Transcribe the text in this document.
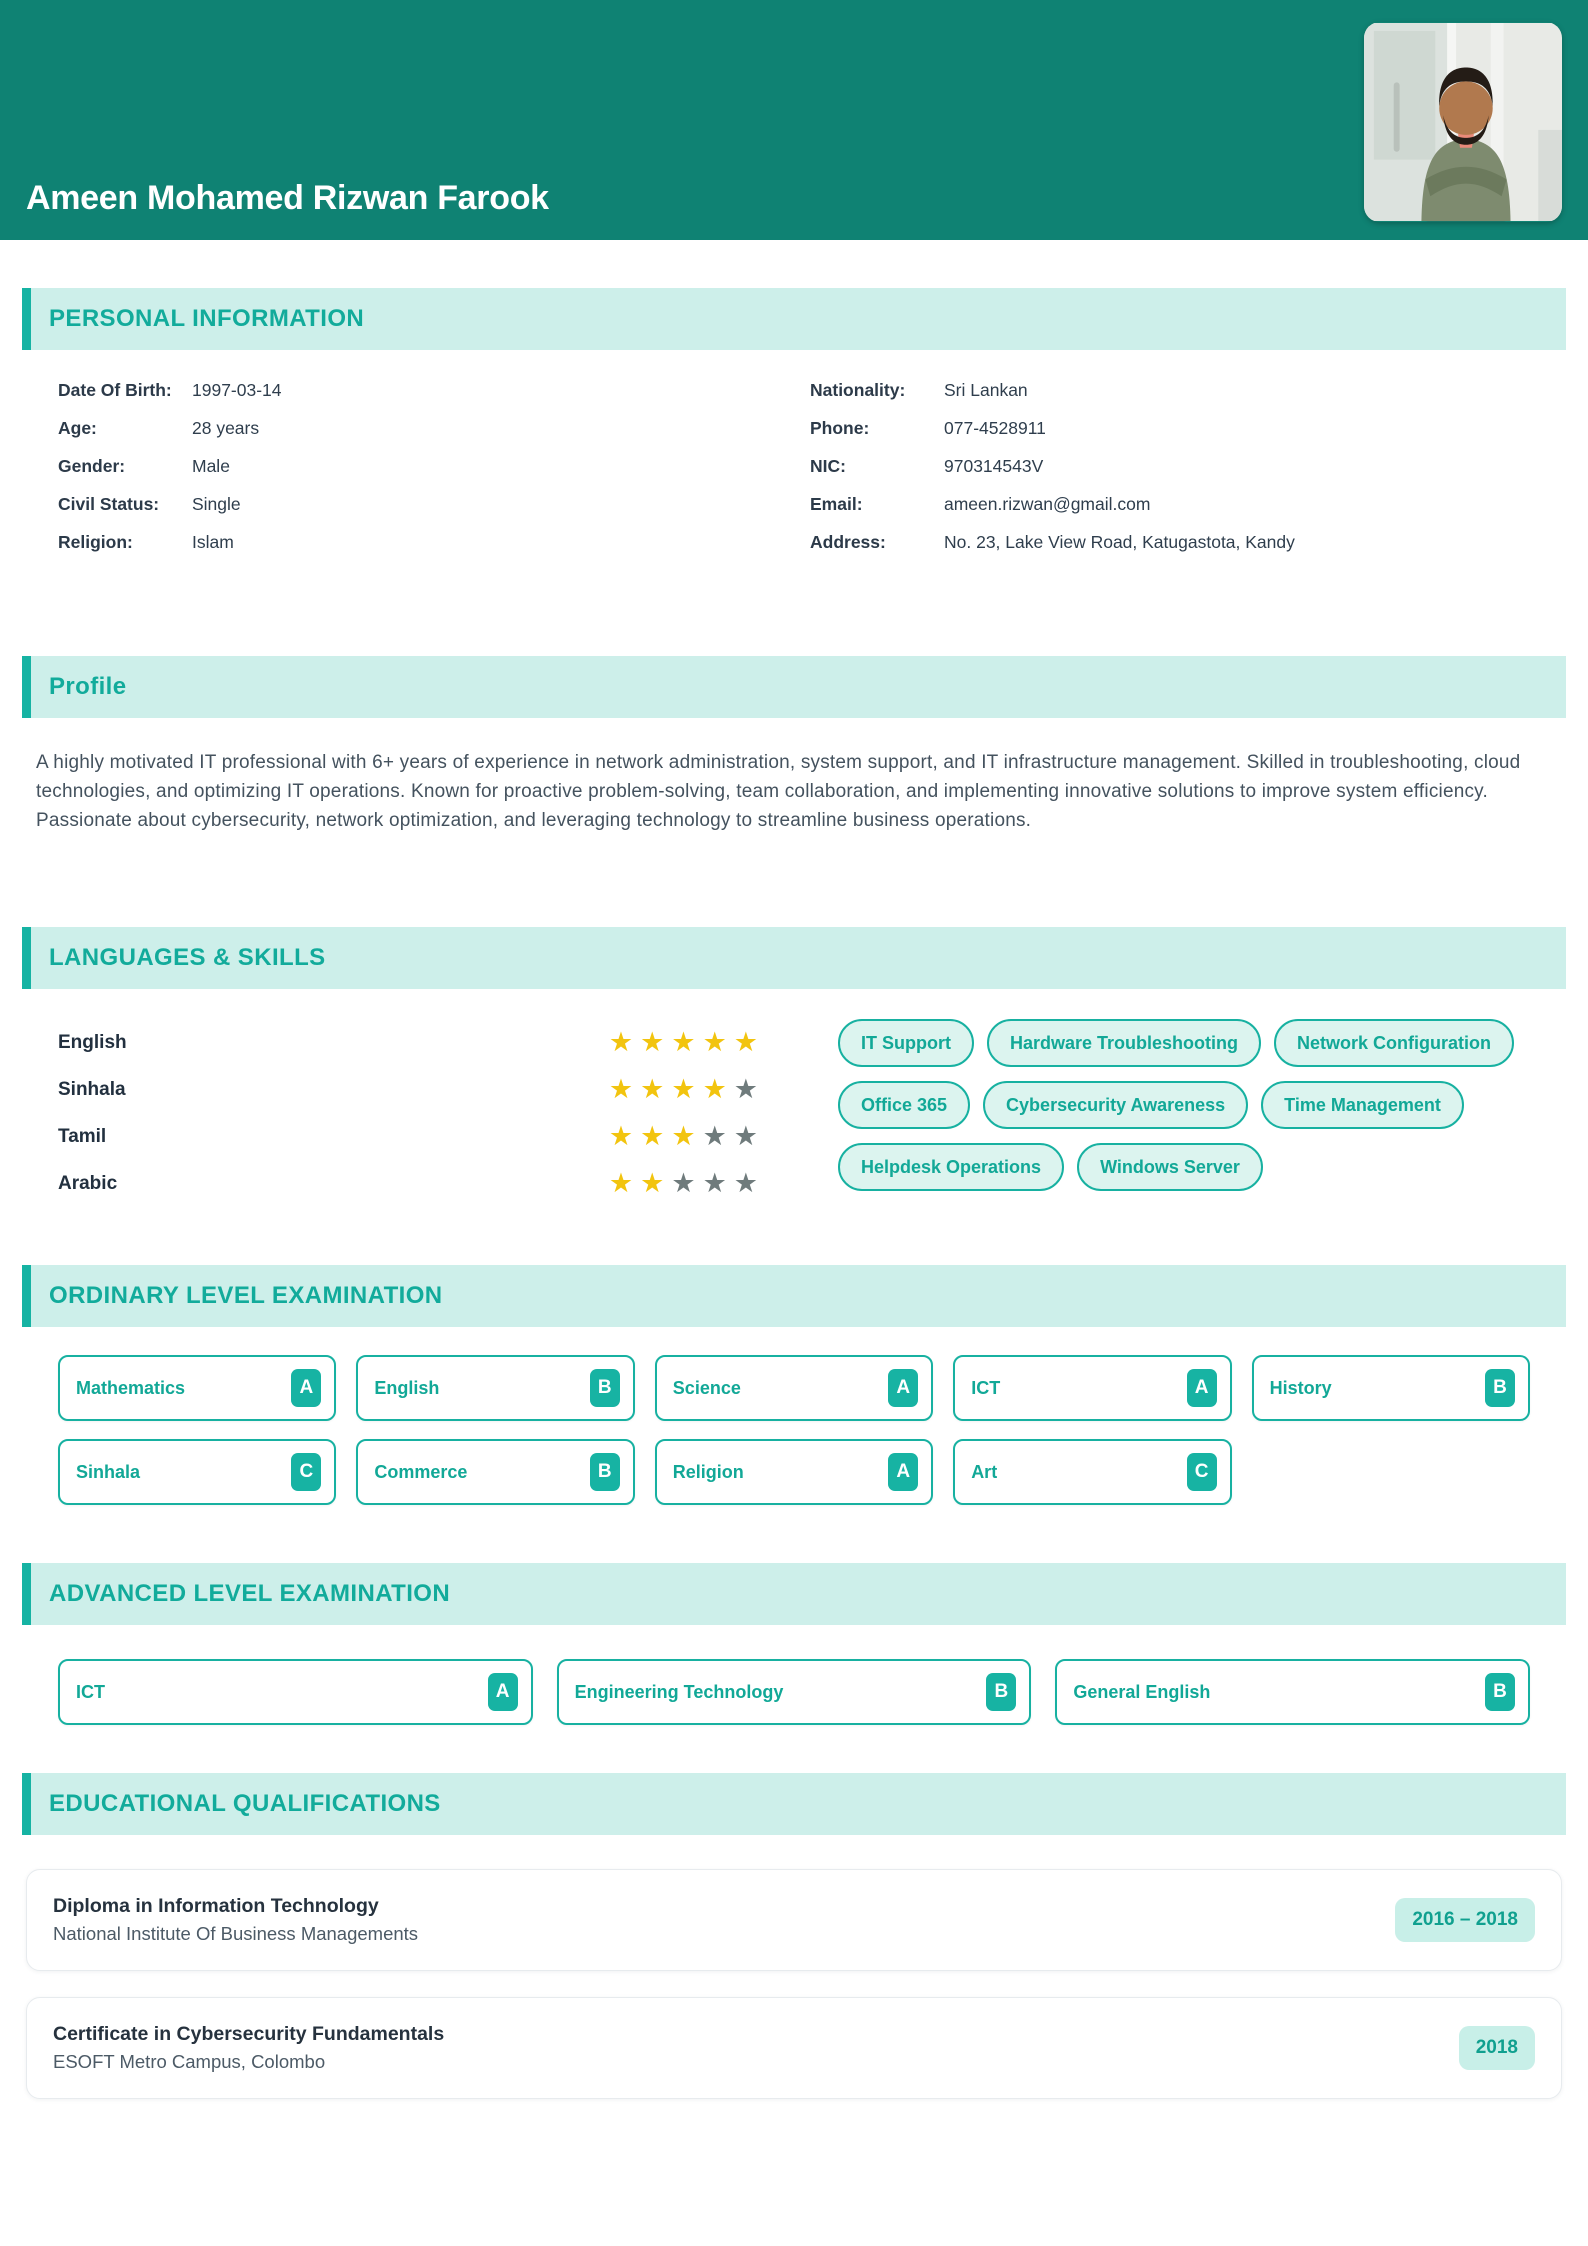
Ameen Mohamed Rizwan Farook
PERSONAL INFORMATION
Date Of Birth: 1997-03-14
Age:	28 years
Gender:	Male
Civil Status: Single
Religion:	Islam
Nationality: Sri Lankan
Phone:	077-4528911
NIC:	970314543V
Email:	ameen.rizwan@gmail.com
Address:	No. 23, Lake View Road, Katugastota, Kandy
Profile

A highly motivated IT professional with 6+ years of experience in network administration, system support, and IT infrastructure management. Skilled in troubleshooting, cloud technologies, and optimizing IT operations. Known for proactive problem-solving, team collaboration, and implementing innovative solutions to improve system efficiency. Passionate about cybersecurity, network optimization, and leveraging technology to streamline business operations.

LANGUAGES & SKILLS
English	★ ★ ★ ★ ★
Sinhala	★ ★ ★ ★ ★
Tamil	★ ★ ★ ★ ★
Arabic	★ ★ ★ ★ ★
IT Support	Hardware Troubleshooting	Network Configuration
Office 365	Cybersecurity Awareness	Time Management
Helpdesk Operations	Windows Server
ORDINARY LEVEL EXAMINATION
Mathematics	A	English	B	Science	A	ICT	A	History	B
Sinhala	C	Commerce	B	Religion	A	Art	C
ADVANCED LEVEL EXAMINATION
ICT	A	Engineering Technology	B	General English	B
EDUCATIONAL QUALIFICATIONS
Diploma in Information Technology
National Institute Of Business Managements
2016 – 2018
Certificate in Cybersecurity Fundamentals
ESOFT Metro Campus, Colombo
2018
